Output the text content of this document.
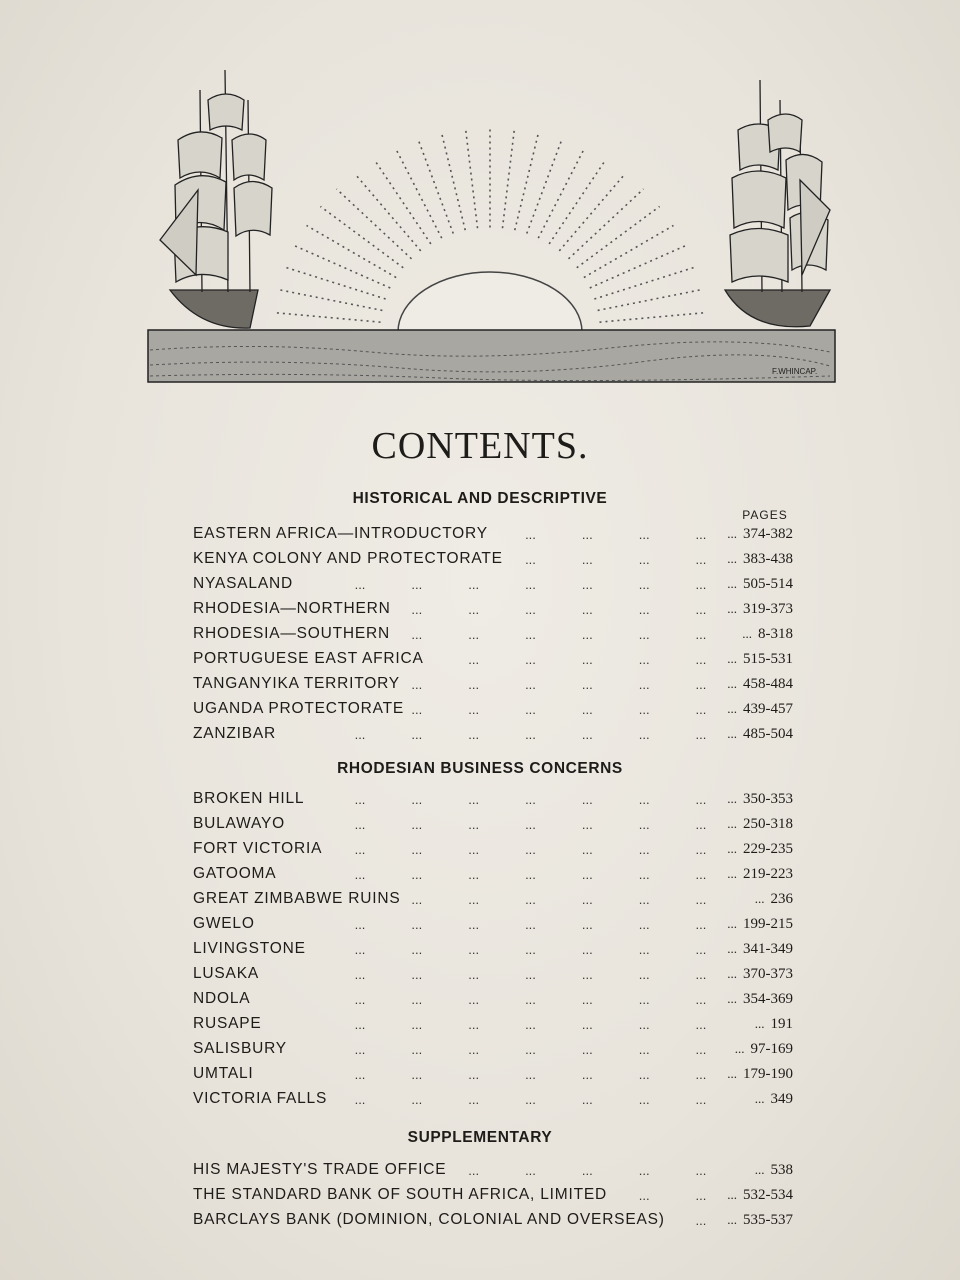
F.WHINCAP.
CONTENTS.
PAGES
HISTORICAL AND DESCRIPTIVE
EASTERN AFRICA—INTRODUCTORY	...	...	...	... ... 374-382
KENYA COLONY AND PROTECTORATE ...	...	...	... ... 383-438
NYASALAND	...	...	...	...	...	...	... ... 505-514
RHODESIA—NORTHERN ...	...	...	...	...	... ... 319-373
RHODESIA—SOUTHERN ...	...	...	...	...	...	... 8-318
PORTUGUESE EAST AFRICA	...	...	...	...	... ... 515-531
TANGANYIKA TERRITORY ...	...	...	...	...	... ... 458-484
UGANDA PROTECTORATE ...	...	...	...	...	... ... 439-457
ZANZIBAR	...	...	...	...	...	...	... ... 485-504
RHODESIAN BUSINESS CONCERNS
BROKEN HILL	...	...	...	...	...	...	... ... 350-353
BULAWAYO	...	...	...	...	...	...	... ... 250-318
FORT VICTORIA ...	...	...	...	...	...	... ... 229-235
GATOOMA	...	...	...	...	...	...	... ... 219-223
GREAT ZIMBABWE RUINS ...	...	...	...	...	...	... 236
GWELO	...	...	...	...	...	...	... ... 199-215
LIVINGSTONE	...	...	...	...	...	...	... ... 341-349
LUSAKA	...	...	...	...	...	...	... ... 370-373
NDOLA	...	...	...	...	...	...	... ... 354-369
RUSAPE	...	...	...	...	...	...	...	... 191
SALISBURY	...	...	...	...	...	...	... ... 97-169
UMTALI	...	...	...	...	...	...	... ... 179-190
VICTORIA FALLS ...	...	...	...	...	...	...	... 349
SUPPLEMENTARY
HIS MAJESTY'S TRADE OFFICE ...	...	...	...	...	... 538
THE STANDARD BANK OF SOUTH AFRICA, LIMITED ...	... ... 532-534
BARCLAYS BANK (DOMINION, COLONIAL AND OVERSEAS) ... ... 535-537
